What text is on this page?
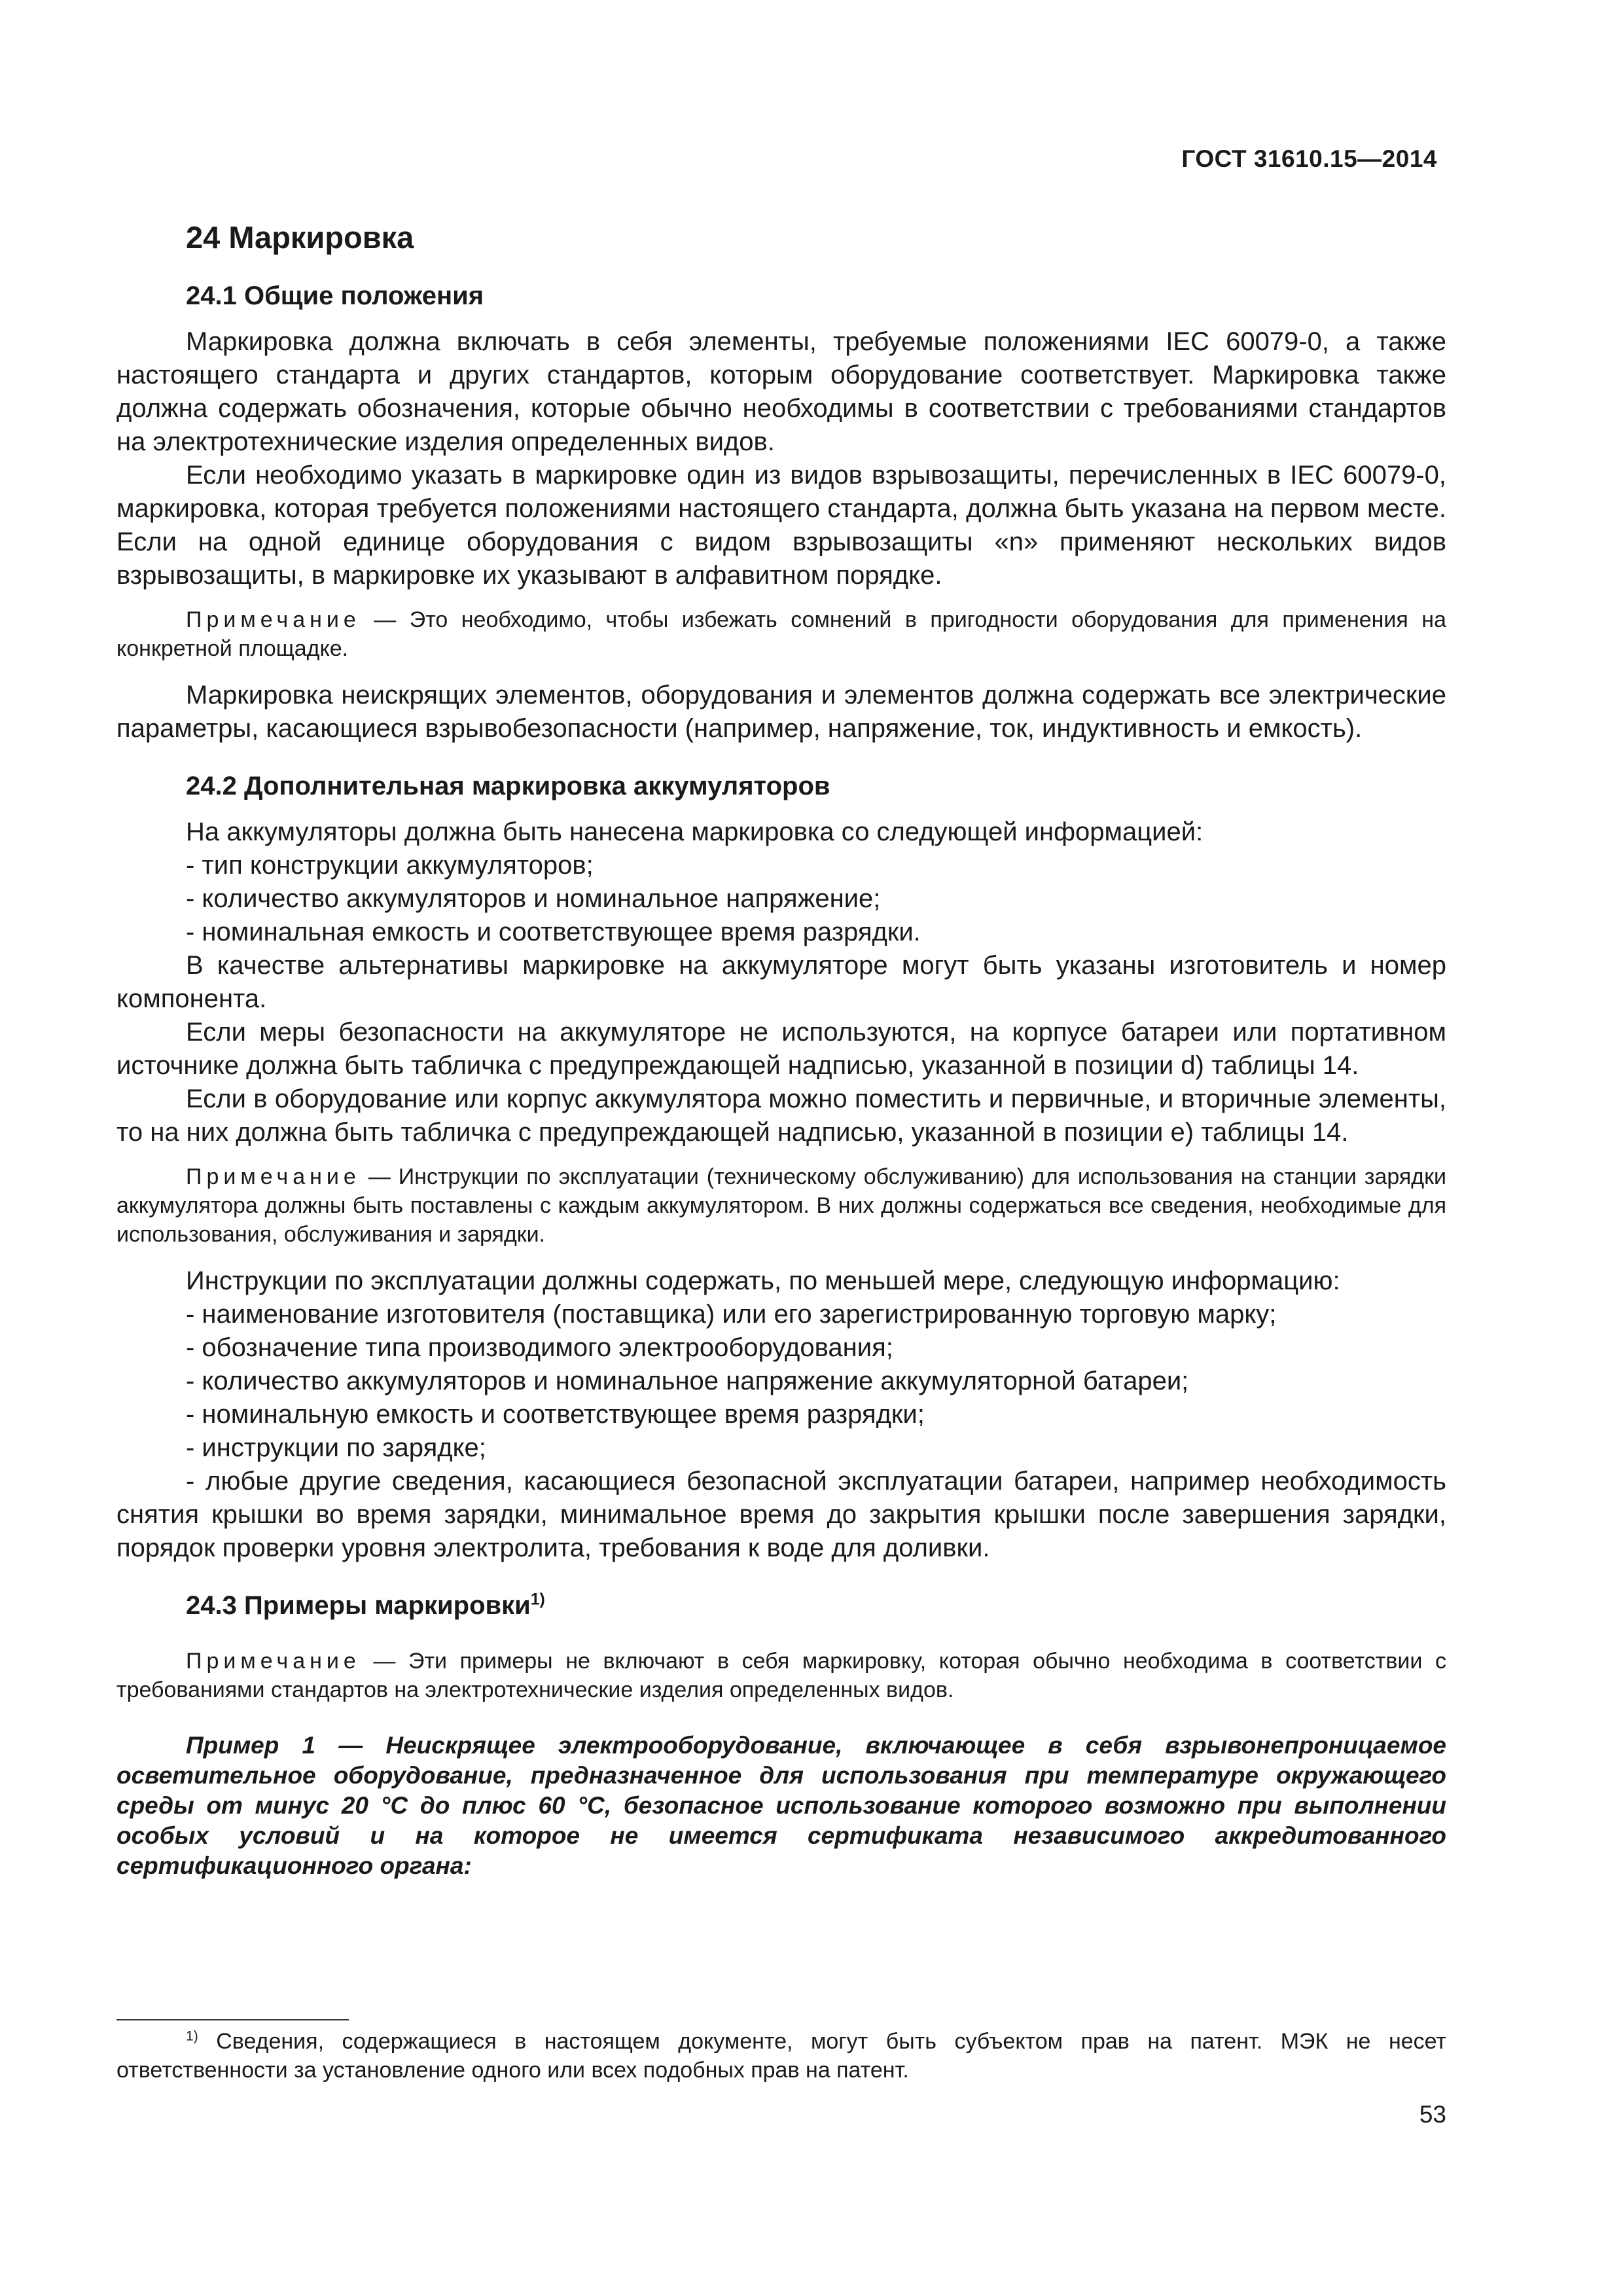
ГОСТ 31610.15—2014
24 Маркировка
24.1 Общие положения

Маркировка должна включать в себя элементы, требуемые положениями IEC 60079-0, а также настоящего стандарта и других стандартов, которым оборудование соответствует. Маркировка также должна содержать обозначения, которые обычно необходимы в соответствии с требованиями стандартов на электротехнические изделия определенных видов.

Если необходимо указать в маркировке один из видов взрывозащиты, перечисленных в IEC 60079-0, маркировка, которая требуется положениями настоящего стандарта, должна быть указана на первом месте. Если на одной единице оборудования с видом взрывозащиты «n» применяют нескольких видов взрывозащиты, в маркировке их указывают в алфавитном порядке.

Примечание — Это необходимо, чтобы избежать сомнений в пригодности оборудования для применения на конкретной площадке.

Маркировка неискрящих элементов, оборудования и элементов должна содержать все электрические параметры, касающиеся взрывобезопасности (например, напряжение, ток, индуктивность и емкость).

24.2 Дополнительная маркировка аккумуляторов

На аккумуляторы должна быть нанесена маркировка со следующей информацией:

- тип конструкции аккумуляторов;

- количество аккумуляторов и номинальное напряжение;

- номинальная емкость и соответствующее время разрядки.

В качестве альтернативы маркировке на аккумуляторе могут быть указаны изготовитель и номер компонента.

Если меры безопасности на аккумуляторе не используются, на корпусе батареи или портативном источнике должна быть табличка с предупреждающей надписью, указанной в позиции d) таблицы 14.

Если в оборудование или корпус аккумулятора можно поместить и первичные, и вторичные элементы, то на них должна быть табличка с предупреждающей надписью, указанной в позиции e) таблицы 14.

Примечание — Инструкции по эксплуатации (техническому обслуживанию) для использования на станции зарядки аккумулятора должны быть поставлены с каждым аккумулятором. В них должны содержаться все сведения, необходимые для использования, обслуживания и зарядки.

Инструкции по эксплуатации должны содержать, по меньшей мере, следующую информацию:

- наименование изготовителя (поставщика) или его зарегистрированную торговую марку;

- обозначение типа производимого электрооборудования;

- количество аккумуляторов и номинальное напряжение аккумуляторной батареи;

- номинальную емкость и соответствующее время разрядки;

- инструкции по зарядке;

- любые другие сведения, касающиеся безопасной эксплуатации батареи, например необходимость снятия крышки во время зарядки, минимальное время до закрытия крышки после завершения зарядки, порядок проверки уровня электролита, требования к воде для доливки.

24.3 Примеры маркировки$^{1)}$

Примечание — Эти примеры не включают в себя маркировку, которая обычно необходима в соответствии с требованиями стандартов на электротехнические изделия определенных видов.

Пример 1 — Неискрящее электрооборудование, включающее в себя взрывонепроницаемое осветительное оборудование, предназначенное для использования при температуре окружающего среды от минус 20 °С до плюс 60 °С, безопасное использование которого возможно при выполнении особых условий и на которое не имеется сертификата независимого аккредитованного сертификационного органа:

$^{1)}$ Сведения, содержащиеся в настоящем документе, могут быть субъектом прав на патент. МЭК не несет ответственности за установление одного или всех подобных прав на патент.
53
